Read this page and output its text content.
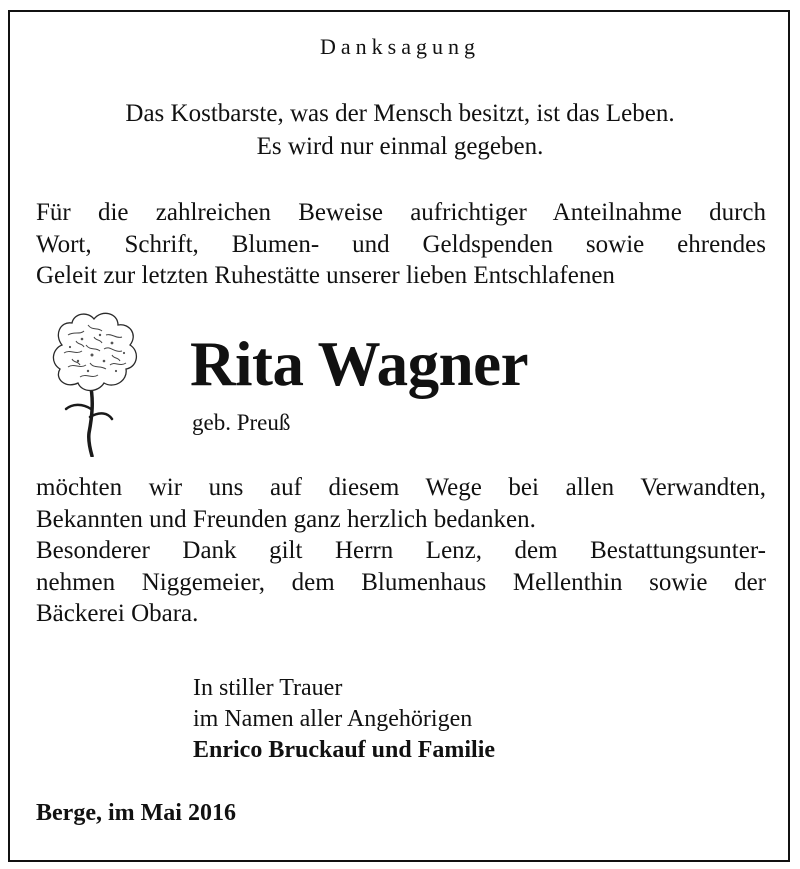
Danksagung
Das Kostbarste, was der Mensch besitzt, ist das Leben.
Es wird nur einmal gegeben.
Für die zahlreichen Beweise aufrichtiger Anteilnahme durch
Wort, Schrift, Blumen- und Geldspenden sowie ehrendes
Geleit zur letzten Ruhestätte unserer lieben Entschlafenen
Rita Wagner
geb. Preuß
möchten wir uns auf diesem Wege bei allen Verwandten,
Bekannten und Freunden ganz herzlich bedanken.
Besonderer Dank gilt Herrn Lenz, dem Bestattungsunter-
nehmen Niggemeier, dem Blumenhaus Mellenthin sowie der
Bäckerei Obara.
In stiller Trauer
im Namen aller Angehörigen
Enrico Bruckauf und Familie
Berge, im Mai 2016
